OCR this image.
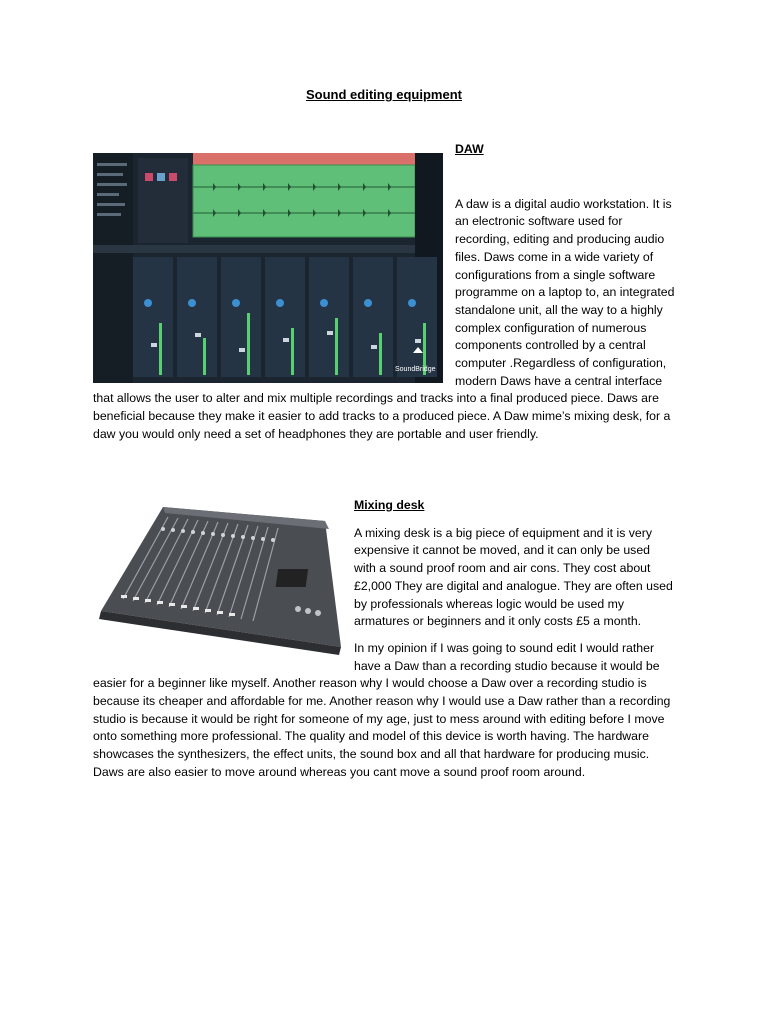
Sound editing equipment
SoundBridge

DAW

A daw is a digital audio workstation. It is an electronic software used for recording, editing and producing audio files. Daws come in a wide variety of configurations from a single software programme on a laptop to, an integrated standalone unit, all the way to a highly complex configuration of numerous components controlled by a central computer .Regardless of configuration, modern Daws have a central interface that allows the user to alter and mix multiple recordings and tracks into a final produced piece. Daws are beneficial because they make it easier to add tracks to a produced piece. A Daw mime’s mixing desk, for a daw you would only need a set of headphones they are portable and user friendly.

Mixing desk

A mixing desk is a big piece of equipment and it is very expensive it cannot be moved, and it can only be used with a sound proof room and air cons. They cost about £2,000 They are digital and analogue. They are often used by professionals whereas logic would be used my armatures or beginners and it only costs £5 a month.

In my opinion if I was going to sound edit I would rather have a Daw than a recording studio because it would be easier for a beginner like myself. Another reason why I would choose a Daw over a recording studio is because its cheaper and affordable for me. Another reason why I would use a Daw rather than a recording studio is because it would be right for someone of my age, just to mess around with editing before I move onto something more professional. The quality and model of this device is worth having. The hardware showcases the synthesizers, the effect units, the sound box and all that hardware for producing music. Daws are also easier to move around whereas you cant move a sound proof room around.
